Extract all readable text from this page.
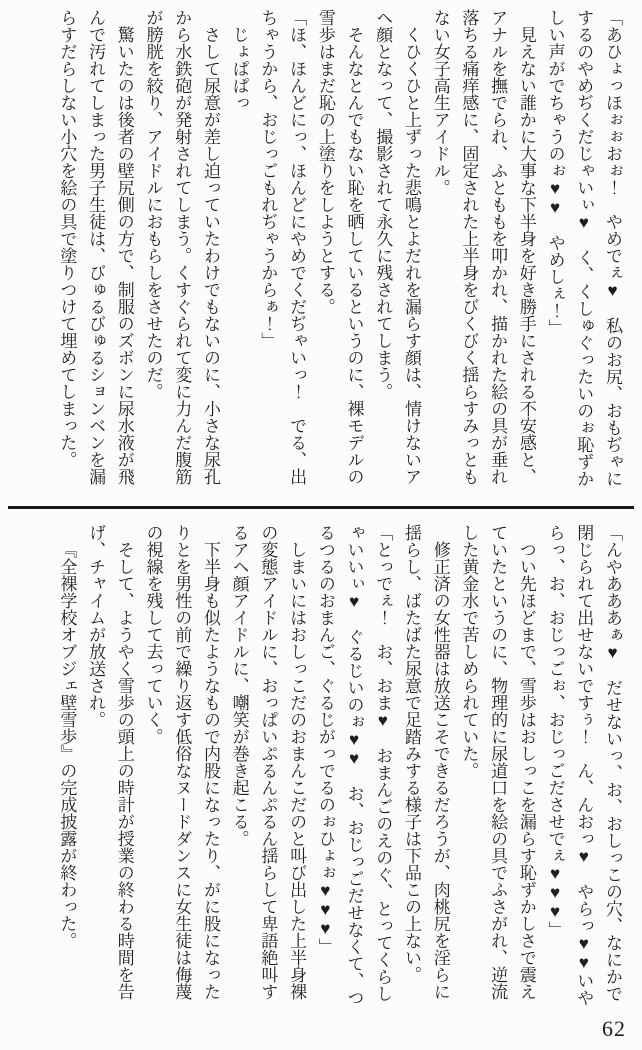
「あひょっほぉぉおぉ！　やめでぇ♥　私のお尻、おもぢゃにするのやめぢくだじゃいぃ♥　く、くしゅぐったいのぉ恥ずかしい声がでちゃうのぉ♥♥　やめしぇ！」

見えない誰かに大事な下半身を好き勝手にされる不安感と、アナルを撫でられ、ふとももを叩かれ、描かれた絵の具が垂れ落ちる痛痒感に、固定された上半身をびくびく揺らすみっともない女子高生アイドル。

くひくひと上ずった悲鳴とよだれを漏らす顔は、情けないアヘ顔となって、撮影されて永久に残されてしまう。

そんなとんでもない恥を晒しているというのに、裸モデルの雪歩はまだ恥の上塗りをしようとする。

「ほ、ほんどにっ、ほんどにやめでくだぢゃいっ！　でる、出ちゃうから、おじっごもれぢゃうからぁ！」

じょぱぱっ

さして尿意が差し迫っていたわけでもないのに、小さな尿孔から水鉄砲が発射されてしまう。くすぐられて変に力んだ腹筋が膀胱を絞り、アイドルにおもらしをさせたのだ。

驚いたのは後者の壁尻側の方で、制服のズボンに尿水液が飛んで汚れてしまった男子生徒は、びゅるびゅるションベンを漏らすだらしない小穴を絵の具で塗りつけて埋めてしまった。

「んやあああぁ♥　だせないっ、お、おしっこの穴、なにかで閉じられて出せないですぅ！　ん、んおっ♥　やらっ♥♥いやらっ、お、おじっごぉ、おじっごださせでぇ♥♥♥」

つい先ほどまで、雪歩はおしっこを漏らす恥ずかしさで震えていたというのに、物理的に尿道口を絵の具でふさがれ、逆流した黄金水で苦しめられていた。

修正済の女性器は放送こそできるだろうが、肉桃尻を淫らに揺らし、ばたばた尿意で足踏みする様子は下品この上ない。

「とっでぇ！　お、おま♥　おまんごのえのぐ、とってくらしゃいいぃ♥　ぐるじいのぉ♥♥　お、おじっごだせなくて、つるつるのおまんご、ぐるじがっでるのぉひょぉ♥♥♥」

しまいにはおしっこだのおまんこだのと叫び出した上半身裸の変態アイドルに、おっぱいぷるんぷるん揺らして卑語絶叫するアヘ顔アイドルに、嘲笑が巻き起こる。

下半身も似たようなもので内股になったり、がに股になったりとを男性の前で繰り返す低俗なヌードダンスに女生徒は侮蔑の視線を残して去っていく。

そして、ようやく雪歩の頭上の時計が授業の終わる時間を告げ、チャイムが放送され。

『全裸学校オブジェ壁雪歩』の完成披露が終わった。

62
